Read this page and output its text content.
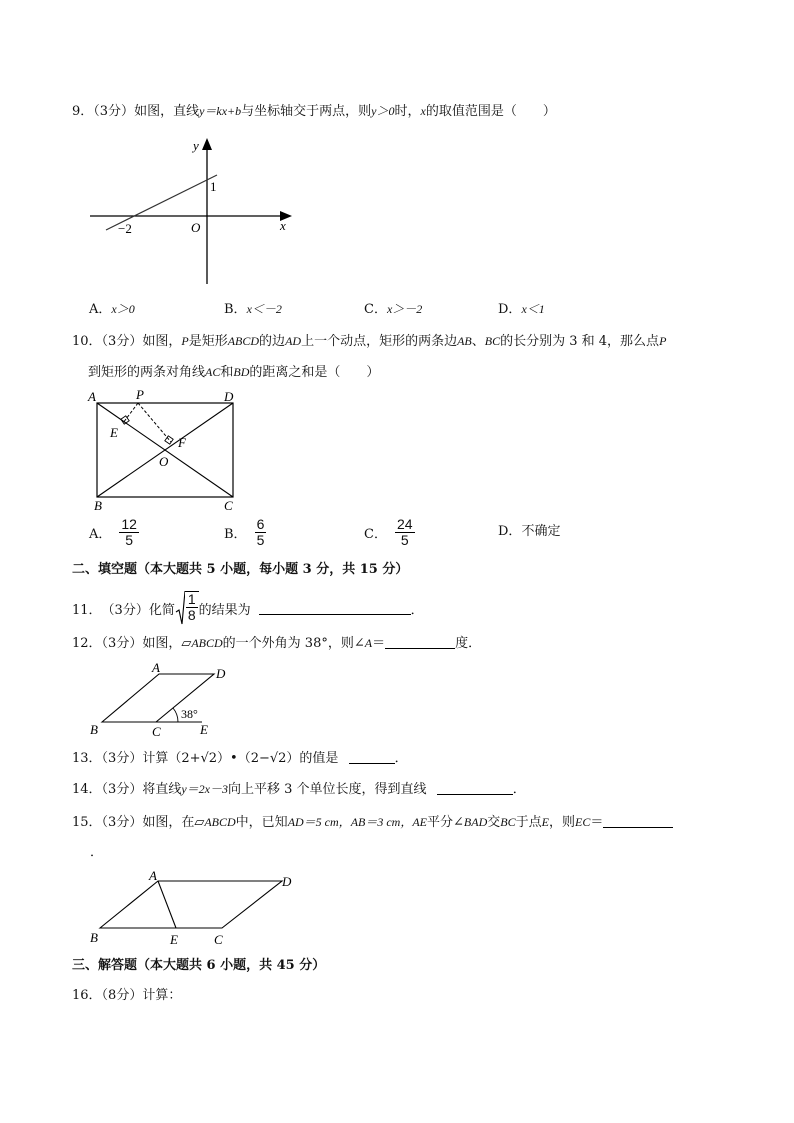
9．（3分）如图，直线y＝kx+b与坐标轴交于两点，则y＞0时，x的取值范围是（　　）
y
x
O
−2
1
A．x＞0	B．x＜－2	C．x＞－2	D．x＜1
10．（3分）如图，P是矩形ABCD的边AD上一个动点，矩形的两条边AB、BC的长分别为 3 和 4，那么点P
到矩形的两条对角线AC和BD的距离之和是（　　）
A	D
B	C
P
E
F
O
A． $\frac{12}{5}$	B． $\frac{6}{5}$	C． $\frac{24}{5}$	D．不确定
二、填空题（本大题共 5 小题，每小题 3 分，共 15 分）
11． （3分） 化简 $\frac{1}{8}$ 的结果为	．
12．（3分）如图，▱ABCD的一个外角为 38°，则∠A＝	度．
A	D
B	C	E
38°
13．（3分）计算（2+√2）•（2−√2）的值是	．
14．（3分）将直线y＝2x－3向上平移 3 个单位长度，得到直线	．
15．（3分）如图，在▱ABCD中，已知AD＝5 cm，AB＝3 cm，AE平分∠BAD交BC于点E，则EC＝
．
A	D
B	E	C
三、解答题（本大题共 6 小题，共 45 分）
16．（8分）计算：
